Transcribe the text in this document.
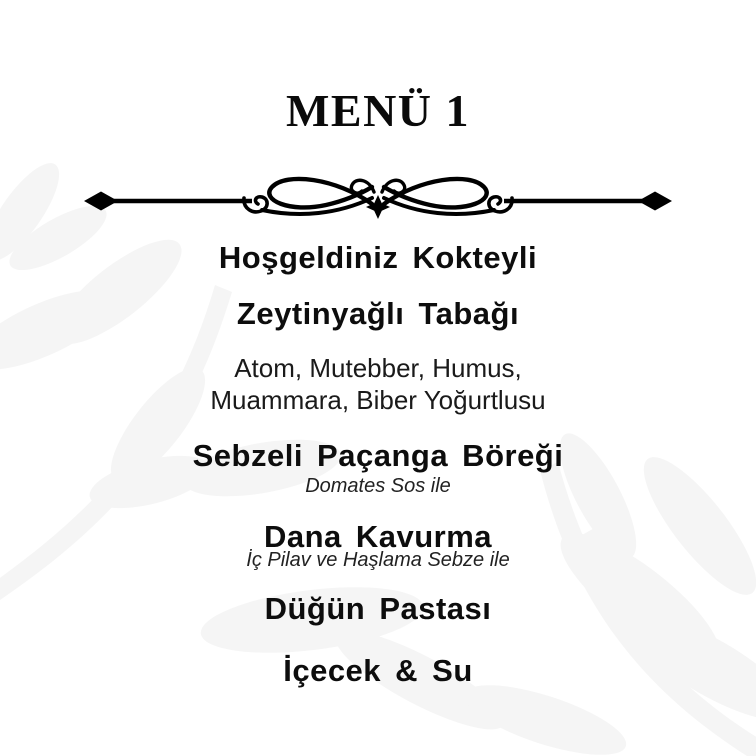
MENÜ 1
Hoşgeldiniz Kokteyli
Zeytinyağlı Tabağı
Atom, Mutebber, Humus,
Muammara, Biber Yoğurtlusu
Sebzeli Paçanga Böreği
Domates Sos ile
Dana Kavurma
İç Pilav ve Haşlama Sebze ile
Düğün Pastası
İçecek & Su
